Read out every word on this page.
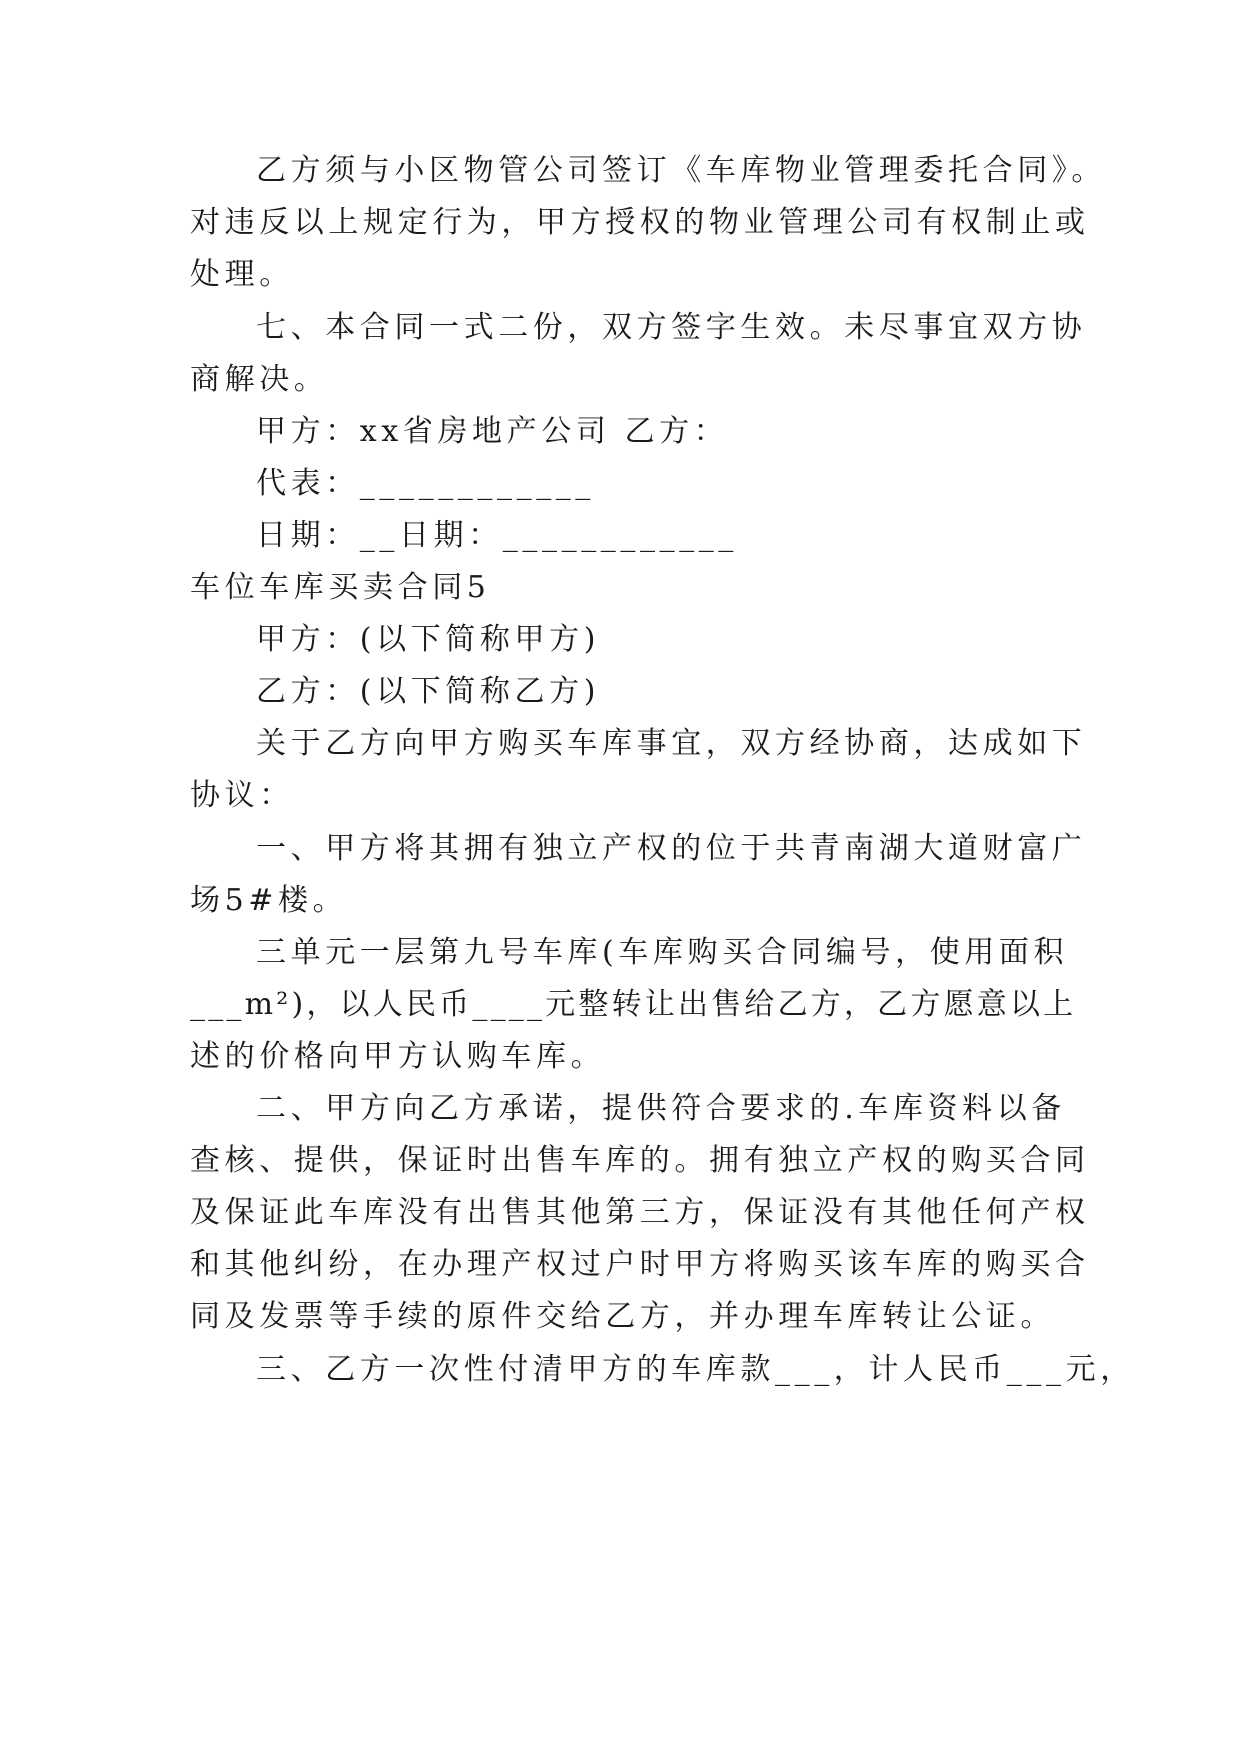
乙方须与小区物管公司签订《车库物业管理委托合同》。
对违反以上规定行为，甲方授权的物业管理公司有权制止或
处理。
七、本合同一式二份，双方签字生效。未尽事宜双方协
商解决。
甲方：xx省房地产公司 乙方：
代表：____________
日期：__日期：____________
车位车库买卖合同5
甲方：(以下简称甲方)
乙方：(以下简称乙方)
关于乙方向甲方购买车库事宜，双方经协商，达成如下
协议：
一、甲方将其拥有独立产权的位于共青南湖大道财富广
场5#楼。
三单元一层第九号车库(车库购买合同编号，使用面积
___m²)，以人民币____元整转让出售给乙方，乙方愿意以上
述的价格向甲方认购车库。
二、甲方向乙方承诺，提供符合要求的.车库资料以备
查核、提供，保证时出售车库的。拥有独立产权的购买合同
及保证此车库没有出售其他第三方，保证没有其他任何产权
和其他纠纷，在办理产权过户时甲方将购买该车库的购买合
同及发票等手续的原件交给乙方，并办理车库转让公证。
三、乙方一次性付清甲方的车库款___，计人民币___元，
